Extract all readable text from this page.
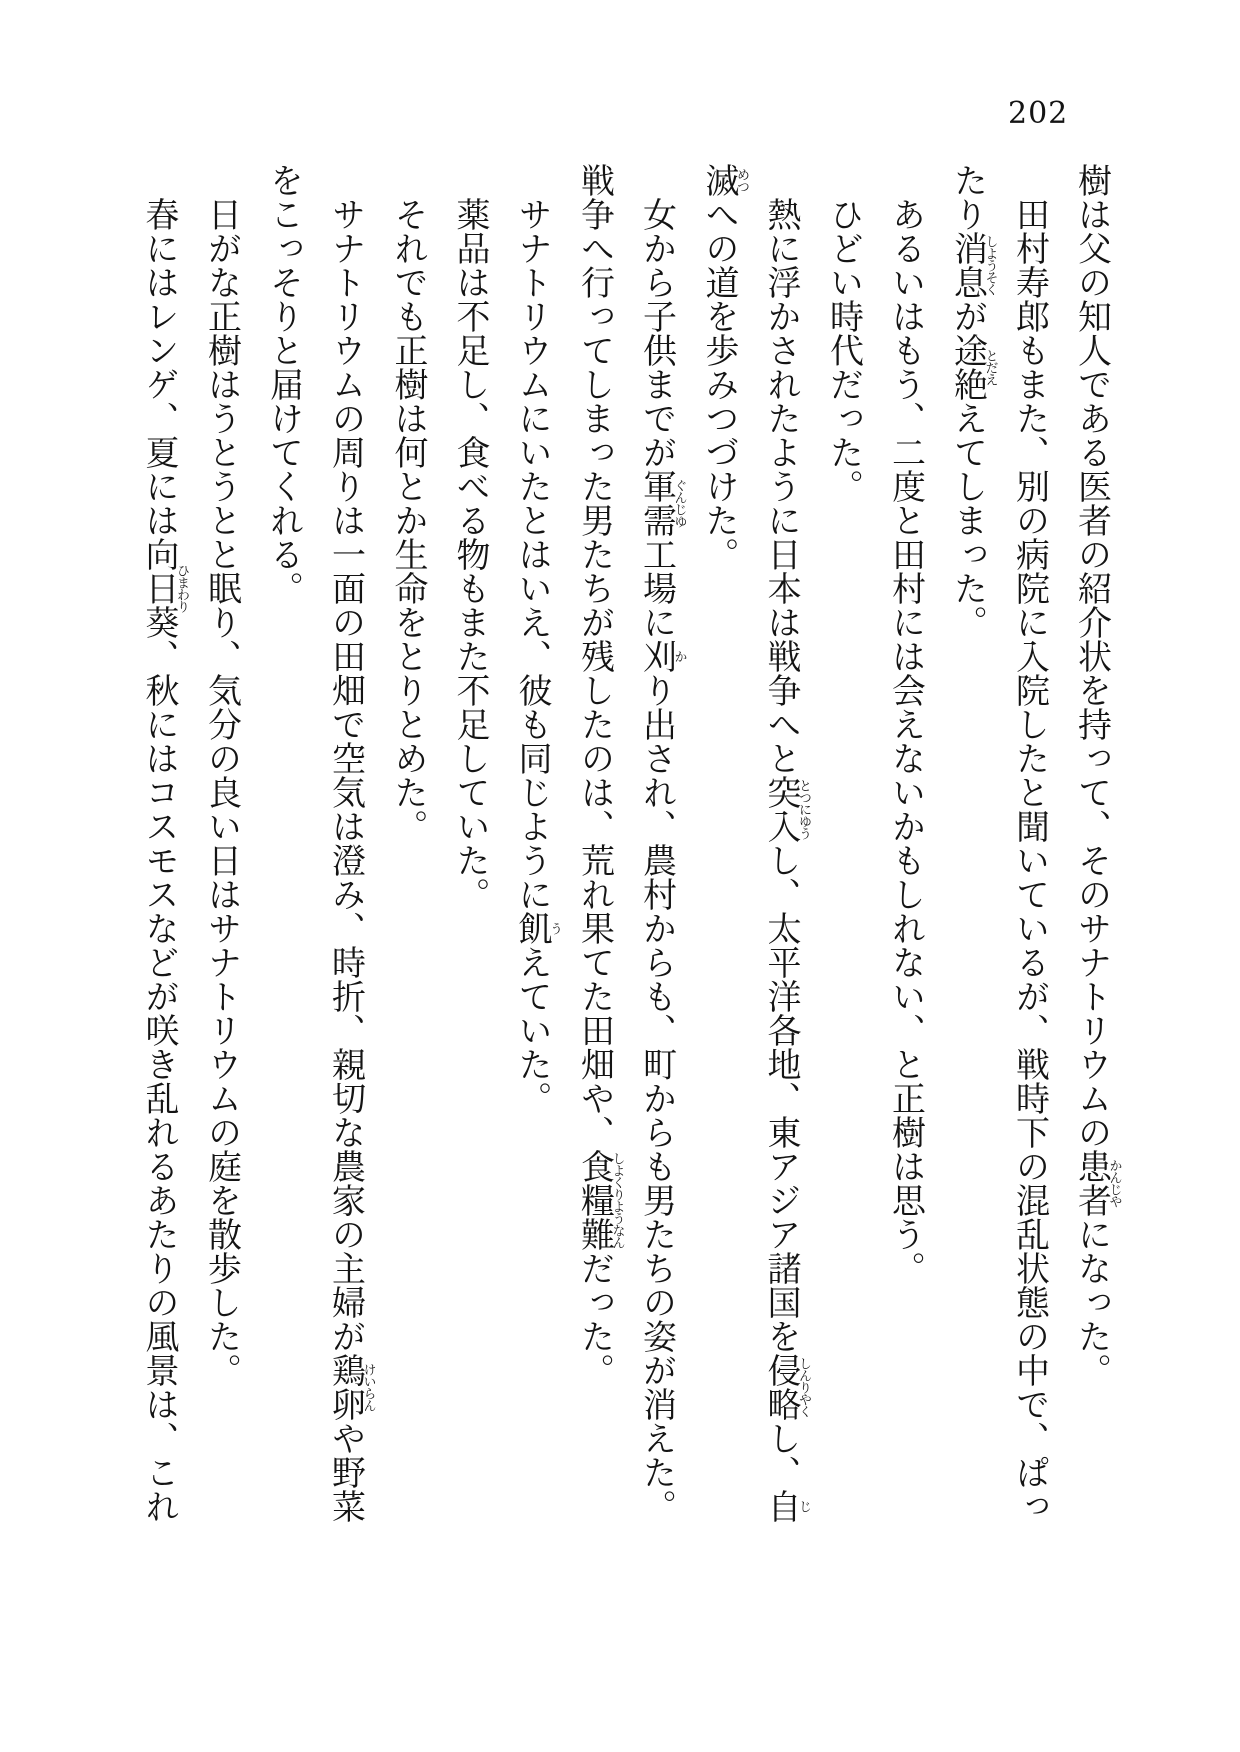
202

樹は父の知人である医者の紹介状を持って、そのサナトリウムの患者かんじやになった。

田村寿郎もまた、別の病院に入院したと聞いているが、戦時下の混乱状態の中で、ぱったり消息しようそくが途絶とだええてしまった。

あるいはもう、二度と田村には会えないかもしれない、と正樹は思う。

ひどい時代だった。

熱に浮かされたように日本は戦争へと突入とつにゆうし、太平洋各地、東アジア諸国を侵略しんりやくし、自じ滅めつへの道を歩みつづけた。

女から子供までが軍需ぐんじゆ工場に刈かり出され、農村からも、町からも男たちの姿が消えた。戦争へ行ってしまった男たちが残したのは、荒れ果てた田畑や、食糧難しよくりようなんだった。

サナトリウムにいたとはいえ、彼も同じように飢うえていた。

薬品は不足し、食べる物もまた不足していた。

それでも正樹は何とか生命をとりとめた。

サナトリウムの周りは一面の田畑で空気は澄み、時折、親切な農家の主婦が鶏卵けいらんや野菜をこっそりと届けてくれる。

日がな正樹はうとうとと眠り、気分の良い日はサナトリウムの庭を散歩した。

春にはレンゲ、夏には向日葵ひまわり、秋にはコスモスなどが咲き乱れるあたりの風景は、これ
